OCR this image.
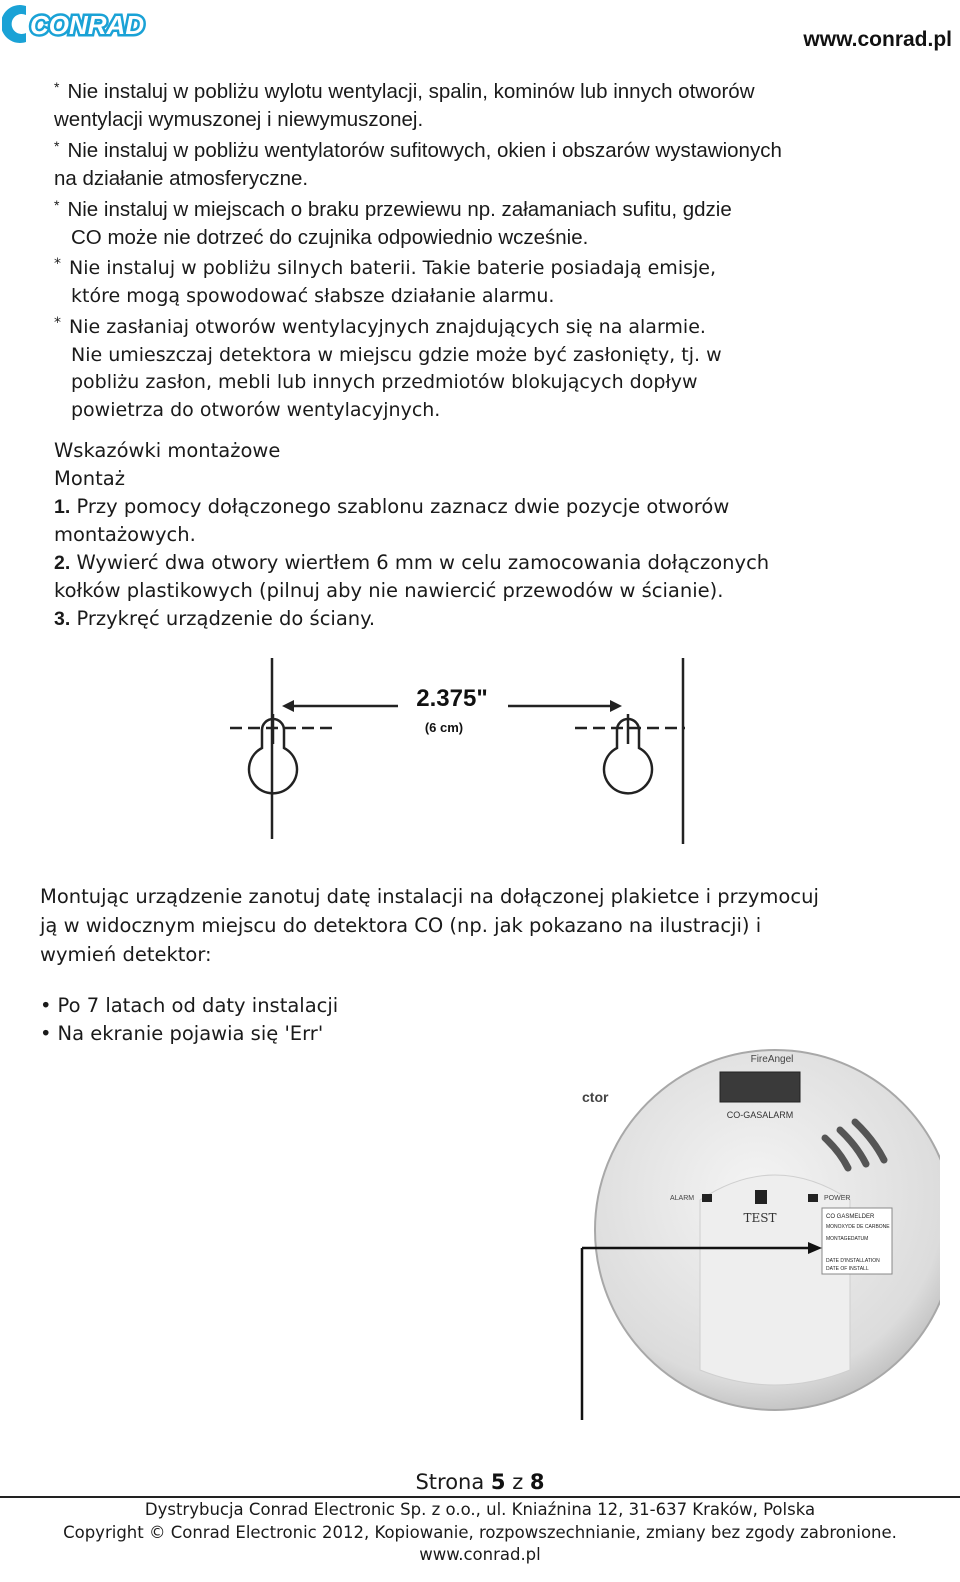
CONRAD	www.conrad.pl
* Nie instaluj w pobliżu wylotu wentylacji, spalin, kominów lub innych otworów
wentylacji wymuszonej i niewymuszonej.
* Nie instaluj w pobliżu wentylatorów sufitowych, okien i obszarów wystawionych
na działanie atmosferyczne.
* Nie instaluj w miejscach o braku przewiewu np. załamaniach sufitu, gdzie
CO może nie dotrzeć do czujnika odpowiednio wcześnie.
* Nie instaluj w pobliżu silnych baterii. Takie baterie posiadają emisje,
które mogą spowodować słabsze działanie alarmu.
* Nie zasłaniaj otworów wentylacyjnych znajdujących się na alarmie.
Nie umieszczaj detektora w miejscu gdzie może być zasłonięty, tj. w
pobliżu zasłon, mebli lub innych przedmiotów blokujących dopływ
powietrza do otworów wentylacyjnych.
Wskazówki montażowe
Montaż
1. Przy pomocy dołączonego szablonu zaznacz dwie pozycje otworów
montażowych.
2. Wywierć dwa otwory wiertłem 6 mm w celu zamocowania dołączonych
kołków plastikowych (pilnuj aby nie nawiercić przewodów w ścianie).
3. Przykręć urządzenie do ściany.
2.375"
(6 cm)
Montując urządzenie zanotuj datę instalacji na dołączonej plakietce i przymocuj
ją w widocznym miejscu do detektora CO (np. jak pokazano na ilustracji) i
wymień detektor:
• Po 7 latach od daty instalacji
• Na ekranie pojawia się 'Err'
FireAngel
ctor
CO-GASALARM
ALARM	POWER
TEST	CO GASMELDER
MONOXYDE DE CARBONE
MONTAGEDATUM
DATE D'INSTALLATION
DATE OF INSTALL
Strona 5 z 8
Dystrybucja Conrad Electronic Sp. z o.o., ul. Kniaźnina 12, 31-637 Kraków, Polska
Copyright © Conrad Electronic 2012, Kopiowanie, rozpowszechnianie, zmiany bez zgody zabronione.
www.conrad.pl
